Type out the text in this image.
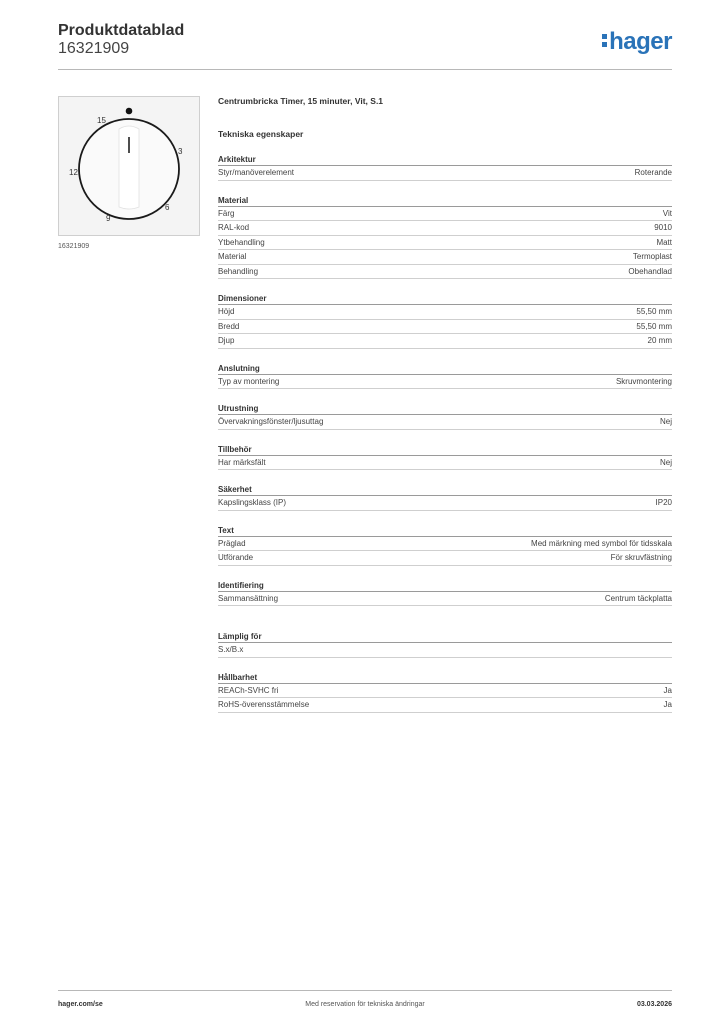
Produktdatablad
16321909	hager
15
3
6
9
12
16321909
Centrumbricka Timer, 15 minuter, Vit, S.1
Tekniska egenskaper
Arkitektur
Styr/manöverelement	Roterande
Material
Färg	Vit
RAL-kod	9010
Ytbehandling	Matt
Material	Termoplast
Behandling	Obehandlad
Dimensioner
Höjd	55,50 mm
Bredd	55,50 mm
Djup	20 mm
Anslutning
Typ av montering	Skruvmontering
Utrustning
Övervakningsfönster/ljusuttag	Nej
Tillbehör
Har märksfält	Nej
Säkerhet
Kapslingsklass (IP)	IP20
Text
Präglad	Med märkning med symbol för tidsskala
Utförande	För skruvfästning
Identifiering
Sammansättning	Centrum täckplatta
Lämplig för
S.x/B.x
Hållbarhet
REACh-SVHC fri	Ja
RoHS-överensstämmelse	Ja
hager.com/se	Med reservation för tekniska ändringar	03.03.2026
